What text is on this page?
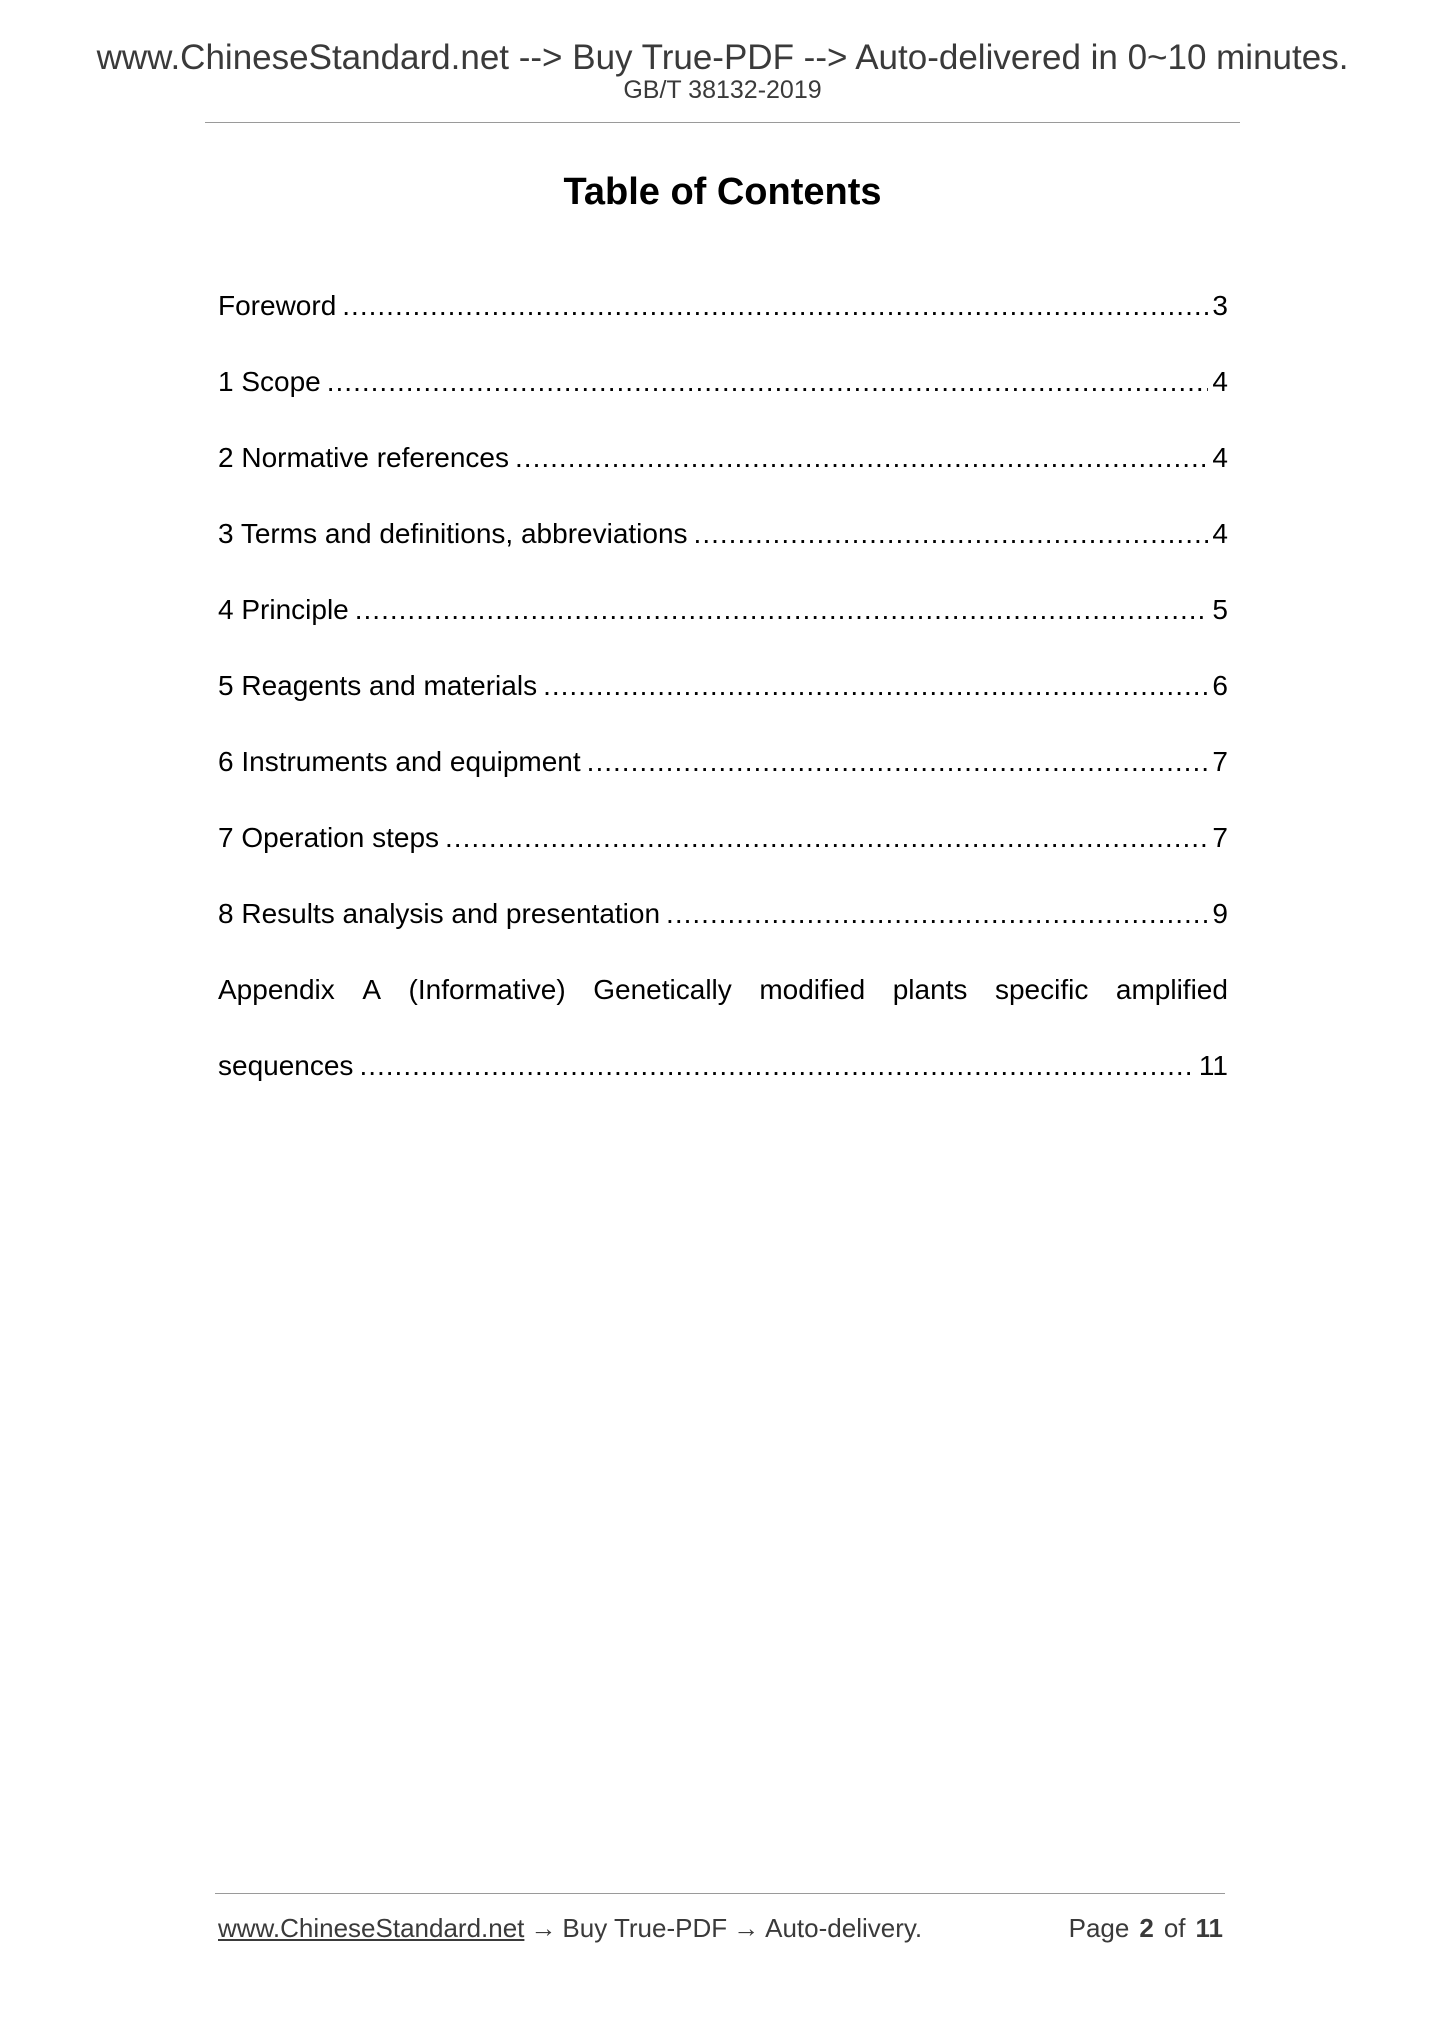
www.ChineseStandard.net --> Buy True-PDF --> Auto-delivered in 0~10 minutes.
GB/T 38132-2019
Table of Contents
Foreword .....	3
1 Scope .....	4
2 Normative references .....	4
3 Terms and definitions, abbreviations .....	4
4 Principle .....	5
5 Reagents and materials .....	6
6 Instruments and equipment .....	7
7 Operation steps .....	7
8 Results analysis and presentation .....	9
Appendix A (Informative) Genetically modified plants specific amplified
sequences .....	11
www.ChineseStandard.net → Buy True-PDF → Auto-delivery.	Page 2 of 11
